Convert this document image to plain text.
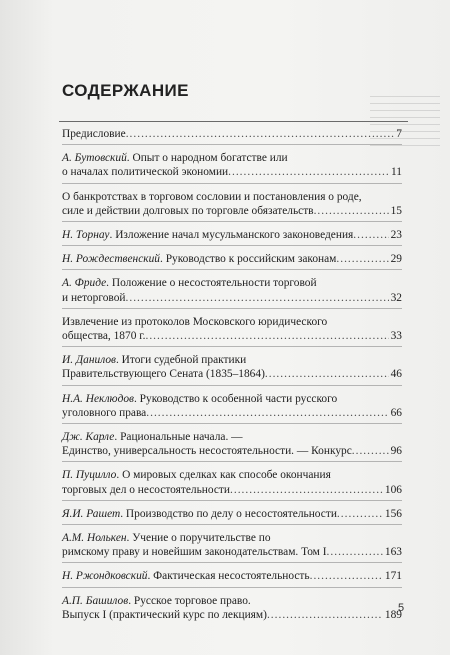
СОДЕРЖАНИЕ
Предисловие .....	7
А. Бутовский. Опыт о народном богатстве или
о началах политической экономии .....	11
О банкротствах в торговом сословии и постановления о роде,
силе и действии долговых по торговле обязательств .....	15
Н. Торнау. Изложение начал мусульманского законоведения .....	23
Н. Рождественский. Руководство к российским законам .....	29
А. Фриде. Положение о несостоятельности торговой
и неторговой .....	32
Извлечение из протоколов Московского юридического
общества, 1870 г. .....	33
И. Данилов. Итоги судебной практики
Правительствующего Сената (1835–1864) .....	46
Н.А. Неклюдов. Руководство к особенной части русского
уголовного права .....	66
Дж. Карле. Рациональные начала. —
Единство, универсальность несостоятельности. — Конкурс .....	96
П. Пуцилло. О мировых сделках как способе окончания
торговых дел о несостоятельности .....	106
Я.И. Рашет. Производство по делу о несостоятельности .....	156
А.М. Нолькен. Учение о поручительстве по
римскому праву и новейшим законодательствам. Том I .....	163
Н. Ржондковский. Фактическая несостоятельность .....	171
А.П. Башилов. Русское торговое право.
Выпуск I (практический курс по лекциям) .....	189
5
